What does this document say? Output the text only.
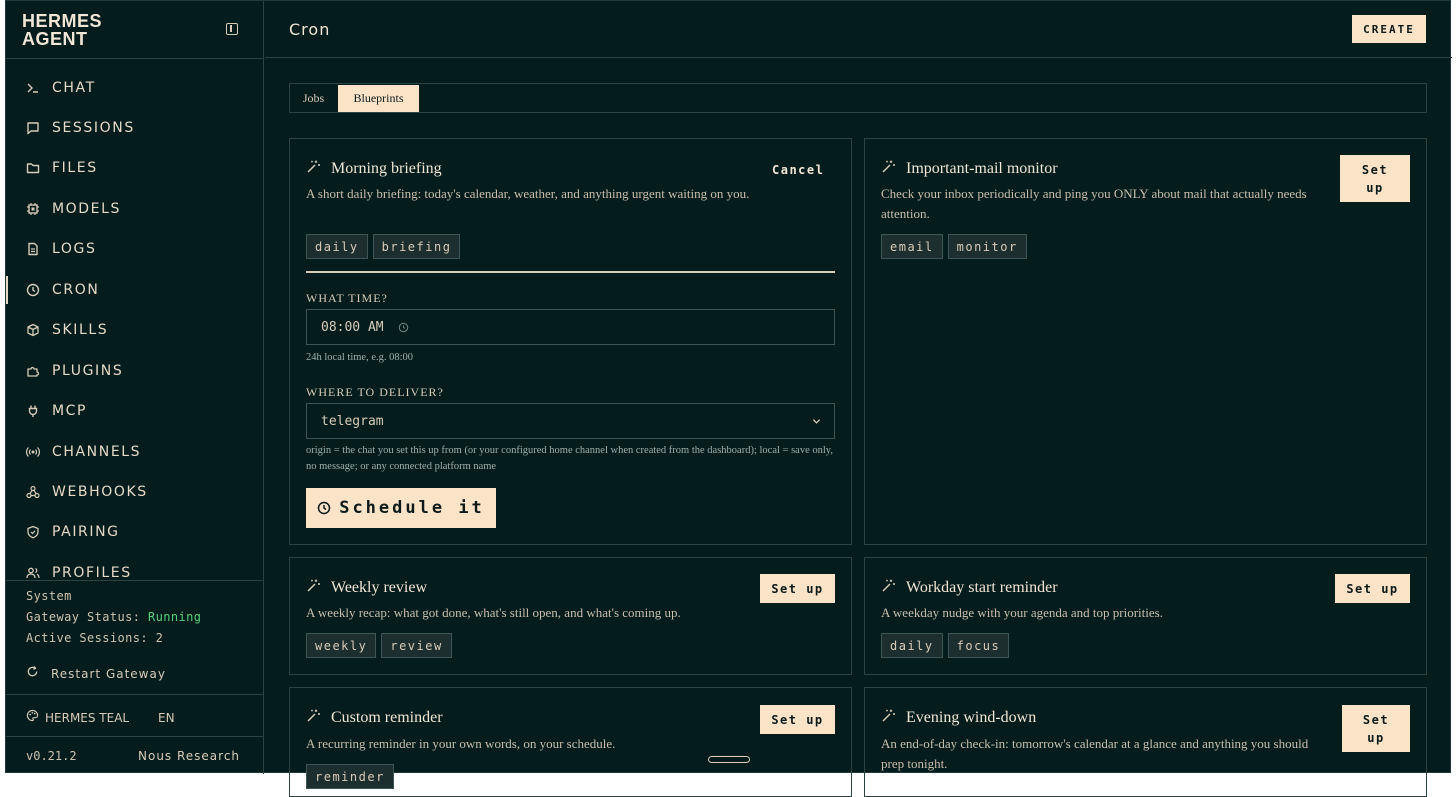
HERMES AGENT
CHAT
SESSIONS
FILES
MODELS
LOGS
CRON
SKILLS
PLUGINS
MCP
CHANNELS
WEBHOOKS
PAIRING
PROFILES
System
Gateway Status: Running
Active Sessions: 2
Restart Gateway
HERMES TEAL EN
v0.21.2	Nous Research
Cron	CREATE
Jobs	Blueprints
Morning briefing	Cancel
A short daily briefing: today's calendar, weather, and anything urgent waiting on you.
daily	briefing
WHAT TIME?
08:00 AM
24h local time, e.g. 08:00
WHERE TO DELIVER?
telegram
origin = the chat you set this up from (or your configured home channel when created from the dashboard); local = save only, no message; or any connected platform name
Schedule it
Important-mail monitor	Set up
Check your inbox periodically and ping you ONLY about mail that actually needs attention.
email	monitor
Weekly review	Set up
A weekly recap: what got done, what's still open, and what's coming up.
weekly	review
Workday start reminder	Set up
A weekday nudge with your agenda and top priorities.
daily	focus
Custom reminder	Set up
A recurring reminder in your own words, on your schedule.
reminder
Evening wind-down	Set up
An end-of-day check-in: tomorrow's calendar at a glance and anything you should prep tonight.
